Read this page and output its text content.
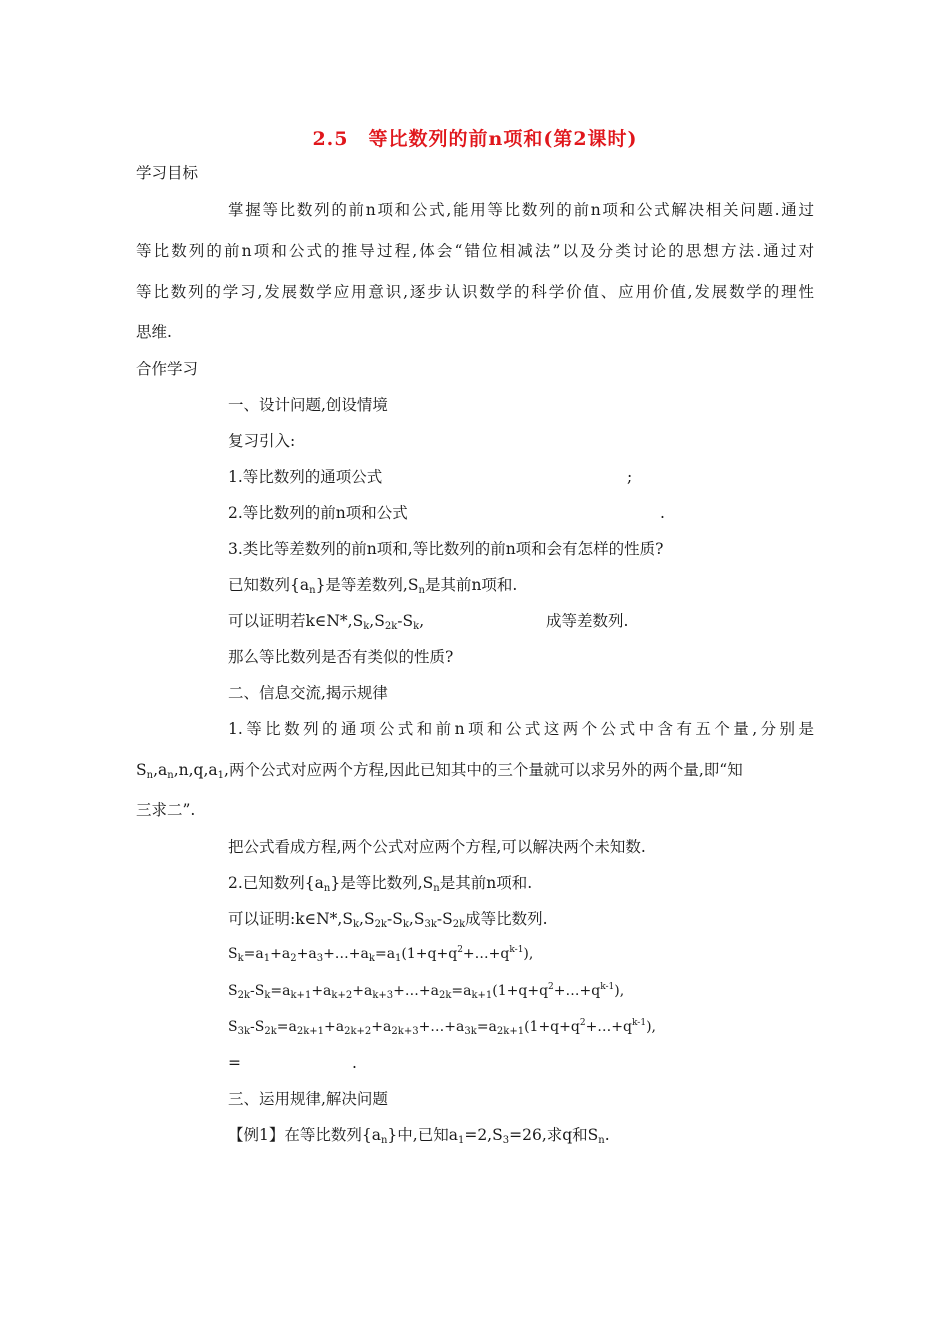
2.5　等比数列的前n项和(第2课时)
学习目标
掌握等比数列的前n项和公式,能用等比数列的前n项和公式解决相关问题.通过
等比数列的前n项和公式的推导过程,体会“错位相减法”以及分类讨论的思想方法.通过对
等比数列的学习,发展数学应用意识,逐步认识数学的科学价值、应用价值,发展数学的理性
思维.
合作学习
一、设计问题,创设情境
复习引入:
1.等比数列的通项公式	;
2.等比数列的前n项和公式	.
3.类比等差数列的前n项和,等比数列的前n项和会有怎样的性质?
已知数列$\{a_n\}$是等差数列$,S_n$是其前n项和.
可以证明若$k\in N*,S_k,S_{2k}-S_k$,	成等差数列.
那么等比数列是否有类似的性质?
二、信息交流,揭示规律
1.等比数列的通项公式和前n项和公式这两个公式中含有五个量,分别是
$S_n,a_n,n,q,a_1$,两个公式对应两个方程,因此已知其中的三个量就可以求另外的两个量,即“知
三求二”.
把公式看成方程,两个公式对应两个方程,可以解决两个未知数.
2.已知数列$\{a_n\}$是等比数列$,S_n$是其前n项和.
可以证明$:k\in N*,S_k,S_{2k}-S_k,S_{3k}-S_{2k}$成等比数列.
$S_k=a_1+a_2+a_3+\dots+a_k=a_1(1+q+q^2+\dots+q^{k-1})$,
$S_{2k}-S_k=a_{k+1}+a_{k+2}+a_{k+3}+\dots+a_{2k}=a_{k+1}(1+q+q^2+\dots+q^{k-1})$,
$S_{3k}-S_{2k}=a_{2k+1}+a_{2k+2}+a_{2k+3}+\dots+a_{3k}=a_{2k+1}(1+q+q^2+\dots+q^{k-1})$,
=	.
三、运用规律,解决问题
【例1】在等比数列$\{a_n\}$中,已知$a_1=2,S_3=26$,求q和$S_n$.
